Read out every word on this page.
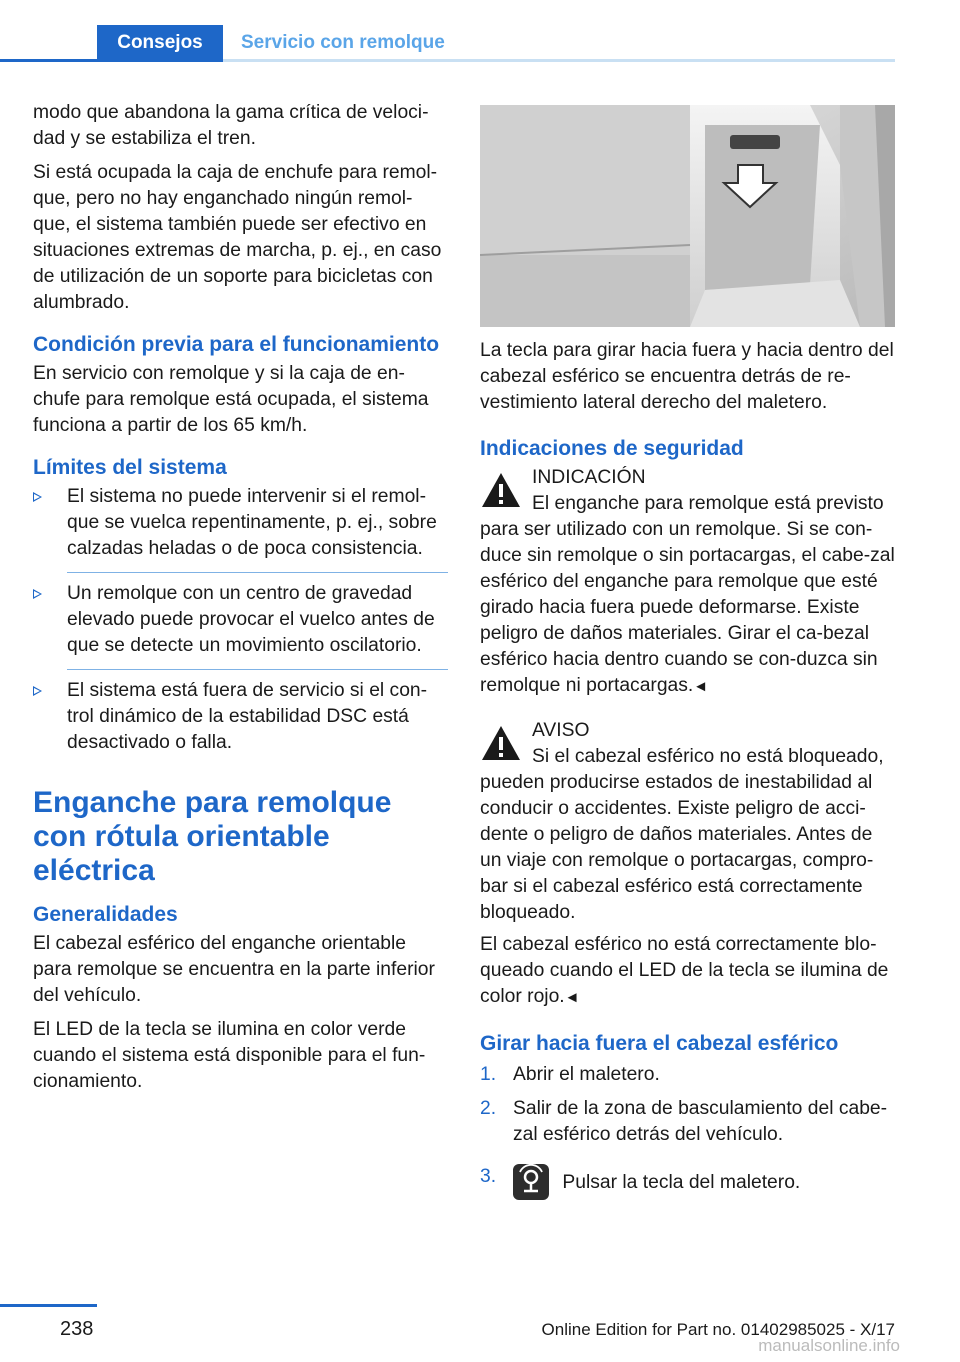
Consejos	Servicio con remolque

modo que abandona la gama crítica de veloci-dad y se estabiliza el tren.

Si está ocupada la caja de enchufe para remol-que, pero no hay enganchado ningún remol-que, el sistema también puede ser efectivo en situaciones extremas de marcha, p. ej., en caso de utilización de un soporte para bicicletas con alumbrado.

Condición previa para el funcionamiento

En servicio con remolque y si la caja de en-chufe para remolque está ocupada, el sistema funciona a partir de los 65 km/h.

Límites del sistema
El sistema no puede intervenir si el remol-que se vuelca repentinamente, p. ej., sobre calzadas heladas o de poca consistencia.
Un remolque con un centro de gravedad elevado puede provocar el vuelco antes de que se detecte un movimiento oscilatorio.
El sistema está fuera de servicio si el con-trol dinámico de la estabilidad DSC está desactivado o falla.
Enganche para remolque con rótula orientable eléctrica
Generalidades

El cabezal esférico del enganche orientable para remolque se encuentra en la parte inferior del vehículo.

El LED de la tecla se ilumina en color verde cuando el sistema está disponible para el fun-cionamiento.

La tecla para girar hacia fuera y hacia dentro del cabezal esférico se encuentra detrás de re-vestimiento lateral derecho del maletero.

Indicaciones de seguridad
INDICACIÓN
El enganche para remolque está previsto para ser utilizado con un remolque. Si se con-duce sin remolque o sin portacargas, el cabe-zal esférico del enganche para remolque que esté girado hacia fuera puede deformarse. Existe peligro de daños materiales. Girar el ca-bezal esférico hacia dentro cuando se con-duzca sin remolque ni portacargas.◄
AVISO
Si el cabezal esférico no está bloqueado, pueden producirse estados de inestabilidad al conducir o accidentes. Existe peligro de acci-dente o peligro de daños materiales. Antes de un viaje con remolque o portacargas, compro-bar si el cabezal esférico está correctamente bloqueado.

El cabezal esférico no está correctamente blo-queado cuando el LED de la tecla se ilumina de color rojo.◄

Girar hacia fuera el cabezal esférico
1. Abrir el maletero.
2. Salir de la zona de basculamiento del cabe-zal esférico detrás del vehículo.
3.	Pulsar la tecla del maletero.
238	Online Edition for Part no. 01402985025 - X/17
manualsonline.info
